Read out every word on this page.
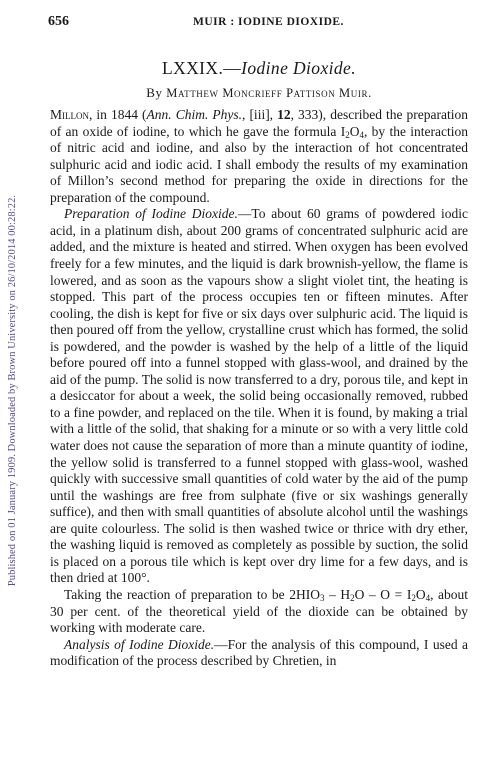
Published on 01 January 1909. Downloaded by Brown University on 26/10/2014 00:28:22.
656	MUIR : IODINE DIOXIDE.
LXXIX.—Iodine Dioxide.
By Matthew Moncrieff Pattison Muir.

Millon, in 1844 (Ann. Chim. Phys., [iii], 12, 333), described the preparation of an oxide of iodine, to which he gave the formula $I_2O_4$, by the interaction of nitric acid and iodine, and also by the interaction of hot concentrated sulphuric acid and iodic acid. I shall embody the results of my examination of Millon’s second method for preparing the oxide in directions for the preparation of the compound.

Preparation of Iodine Dioxide.—To about 60 grams of powdered iodic acid, in a platinum dish, about 200 grams of concentrated sulphuric acid are added, and the mixture is heated and stirred. When oxygen has been evolved freely for a few minutes, and the liquid is dark brownish-yellow, the flame is lowered, and as soon as the vapours show a slight violet tint, the heating is stopped. This part of the process occupies ten or fifteen minutes. After cooling, the dish is kept for five or six days over sulphuric acid. The liquid is then poured off from the yellow, crystalline crust which has formed, the solid is powdered, and the powder is washed by the help of a little of the liquid before poured off into a funnel stopped with glass-wool, and drained by the aid of the pump. The solid is now transferred to a dry, porous tile, and kept in a desiccator for about a week, the solid being occasionally removed, rubbed to a fine powder, and replaced on the tile. When it is found, by making a trial with a little of the solid, that shaking for a minute or so with a very little cold water does not cause the separation of more than a minute quantity of iodine, the yellow solid is transferred to a funnel stopped with glass-wool, washed quickly with successive small quantities of cold water by the aid of the pump until the washings are free from sulphate (five or six washings generally suffice), and then with small quantities of absolute alcohol until the washings are quite colourless. The solid is then washed twice or thrice with dry ether, the washing liquid is removed as completely as possible by suction, the solid is placed on a porous tile which is kept over dry lime for a few days, and is then dried at 100°.

Taking the reaction of preparation to be $2HIO_3 - H_2O - O = I_2O_4$, about 30 per cent. of the theoretical yield of the dioxide can be obtained by working with moderate care.

Analysis of Iodine Dioxide.—For the analysis of this compound, I used a modification of the process described by Chretien, in
